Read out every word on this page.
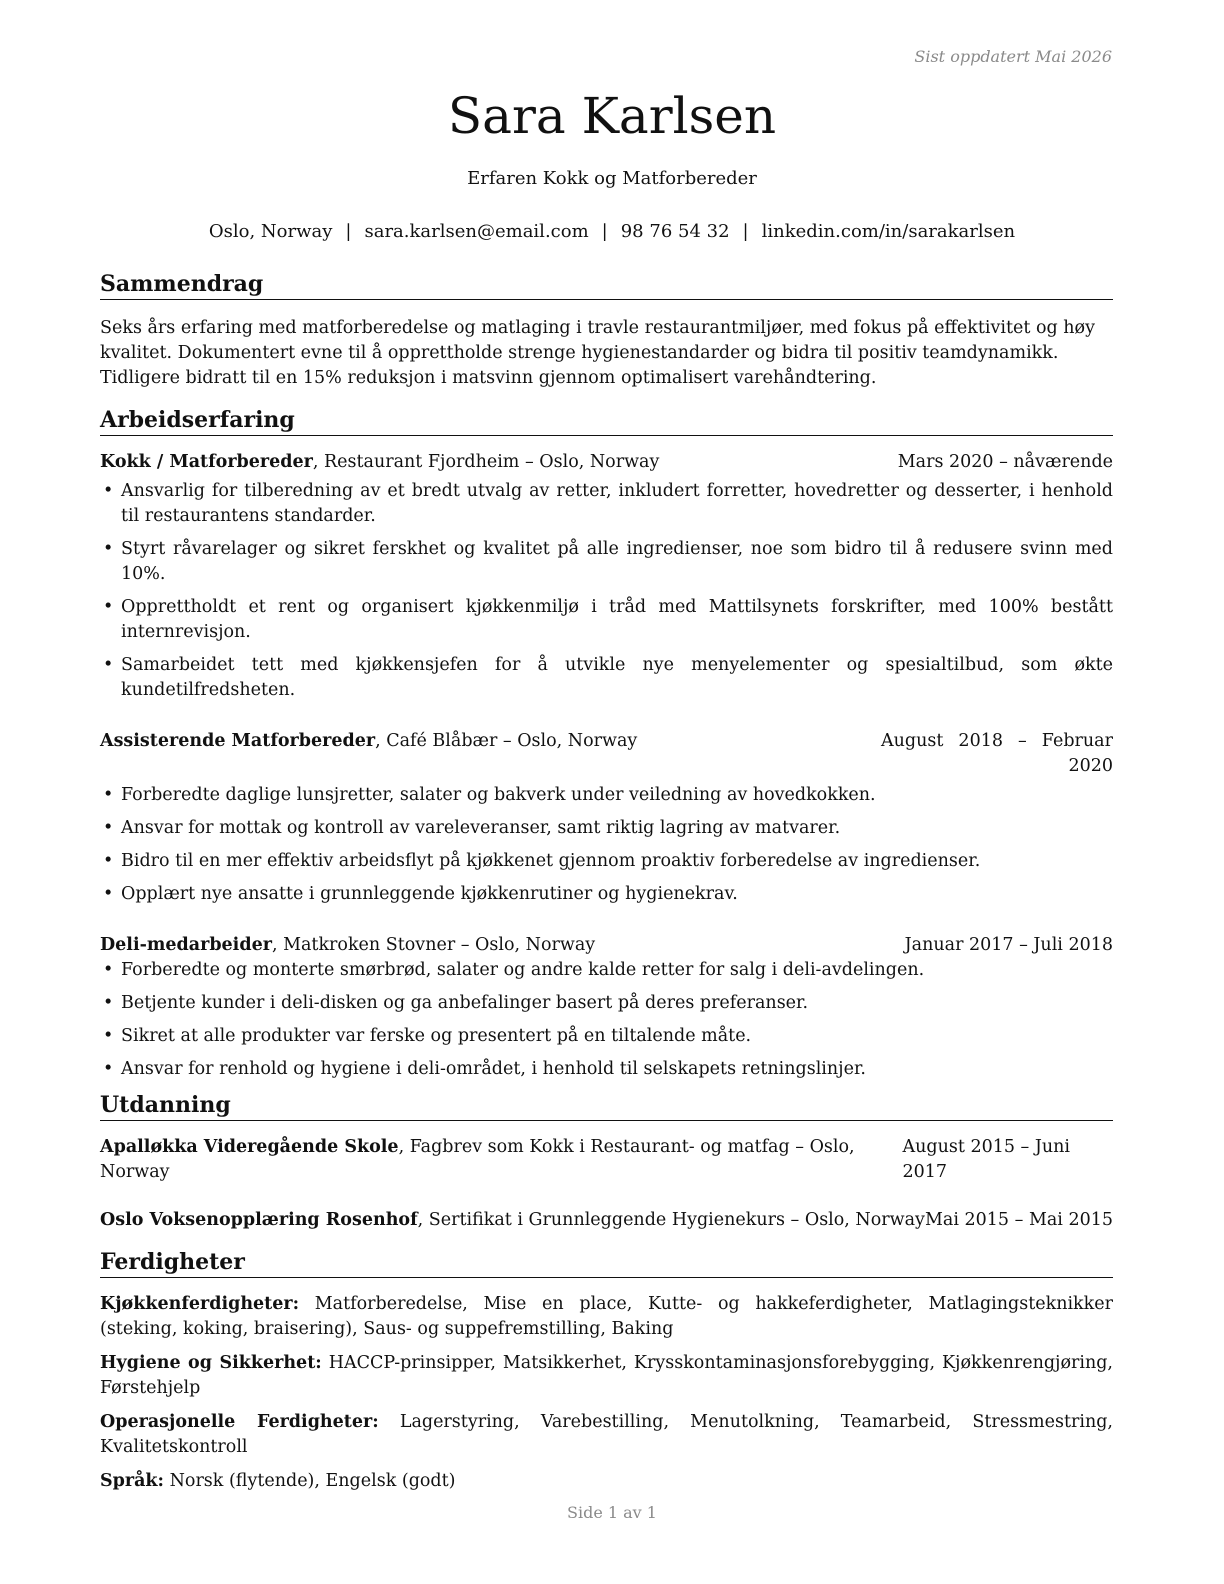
Sist oppdatert Mai 2026
Sara Karlsen
Erfaren Kokk og Matforbereder
Oslo, Norway | sara.karlsen@email.com | 98 76 54 32 | linkedin.com/in/sarakarlsen
Sammendrag

Seks års erfaring med matforberedelse og matlaging i travle restaurantmiljøer, med fokus på effektivitet og høy kvalitet. Dokumentert evne til å opprettholde strenge hygienestandarder og bidra til positiv teamdynamikk. Tidligere bidratt til en 15% reduksjon i matsvinn gjennom optimalisert varehåndtering.

Arbeidserfaring
Kokk / Matforbereder, Restaurant Fjordheim – Oslo, Norway	Mars 2020 – nåværende
• Ansvarlig for tilberedning av et bredt utvalg av retter, inkludert forretter, hovedretter og desserter, i henhold til restaurantens standarder.
• Styrt råvarelager og sikret ferskhet og kvalitet på alle ingredienser, noe som bidro til å redusere svinn med 10%.
• Opprettholdt et rent og organisert kjøkkenmiljø i tråd med Mattilsynets forskrifter, med 100% bestått internrevisjon.
• Samarbeidet tett med kjøkkensjefen for å utvikle nye menyelementer og spesialtilbud, som økte kundetilfredsheten.
Assisterende Matforbereder, Café Blåbær – Oslo, Norway	August 2018 – Februar 2020
• Forberedte daglige lunsjretter, salater og bakverk under veiledning av hovedkokken.
• Ansvar for mottak og kontroll av vareleveranser, samt riktig lagring av matvarer.
• Bidro til en mer effektiv arbeidsflyt på kjøkkenet gjennom proaktiv forberedelse av ingredienser.
• Opplært nye ansatte i grunnleggende kjøkkenrutiner og hygienekrav.
Deli-medarbeider, Matkroken Stovner – Oslo, Norway	Januar 2017 – Juli 2018
• Forberedte og monterte smørbrød, salater og andre kalde retter for salg i deli-avdelingen.
• Betjente kunder i deli-disken og ga anbefalinger basert på deres preferanser.
• Sikret at alle produkter var ferske og presentert på en tiltalende måte.
• Ansvar for renhold og hygiene i deli-området, i henhold til selskapets retningslinjer.
Utdanning
Apalløkka Videregående Skole, Fagbrev som Kokk i Restaurant- og matfag – Oslo, Norway
August 2015 – Juni 2017
Oslo Voksenopplæring Rosenhof, Sertifikat i Grunnleggende Hygienekurs – Oslo, Norway Mai 2015 – Mai 2015
Ferdigheter
Kjøkkenferdigheter: Matforberedelse, Mise en place, Kutte- og hakkeferdigheter, Matlagingsteknikker (steking, koking, braisering), Saus- og suppefremstilling, Baking
Hygiene og Sikkerhet: HACCP-prinsipper, Matsikkerhet, Krysskontaminasjonsforebygging, Kjøkkenrengjøring, Førstehjelp
Operasjonelle Ferdigheter: Lagerstyring, Varebestilling, Menutolkning, Teamarbeid, Stressmestring, Kvalitetskontroll
Språk: Norsk (flytende), Engelsk (godt)
Side 1 av 1
